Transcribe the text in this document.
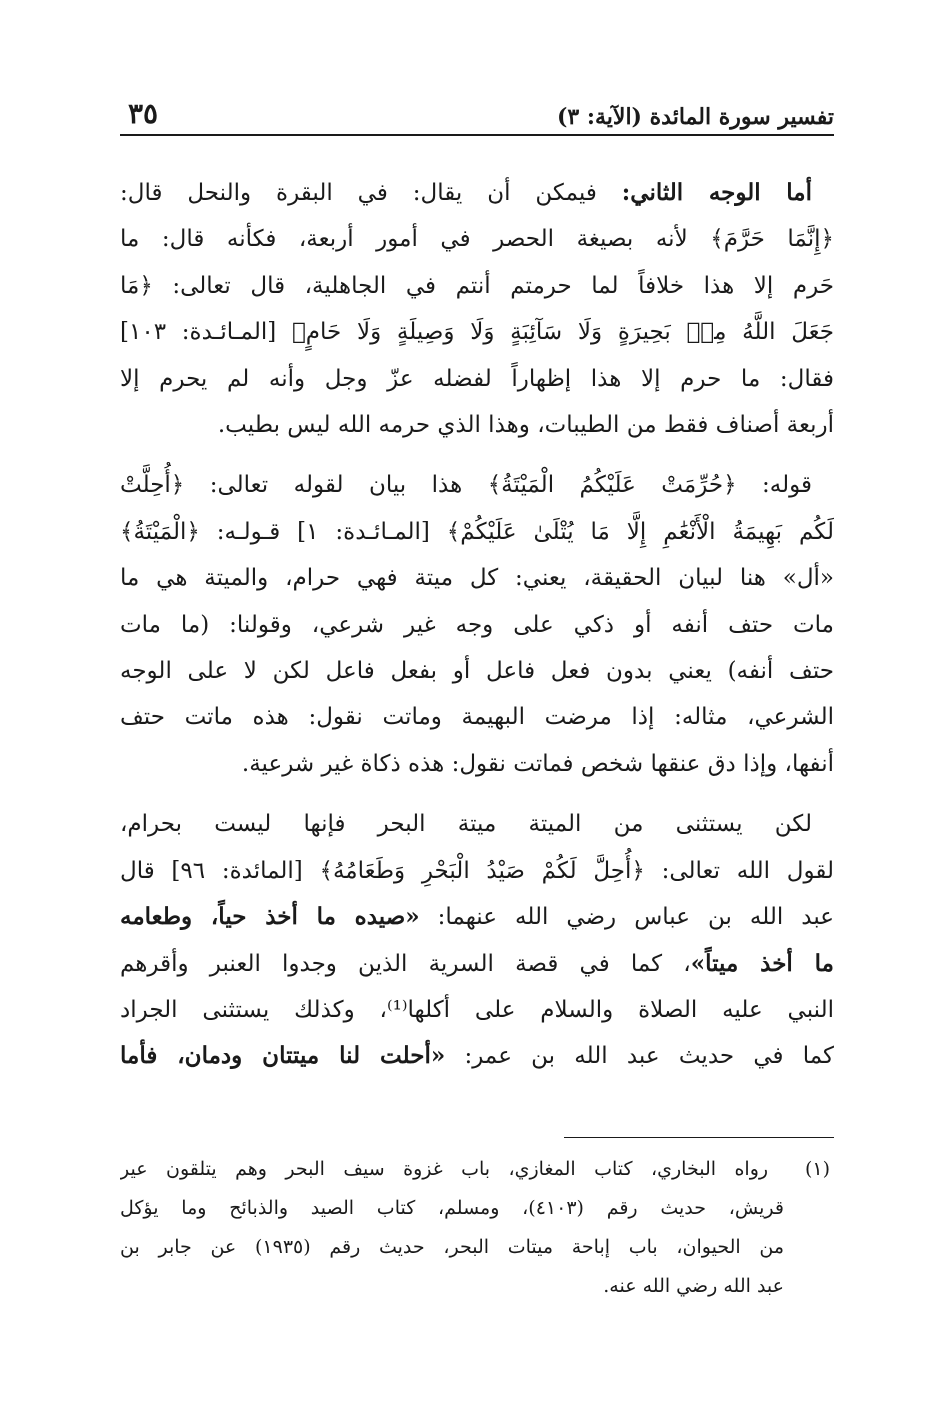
تفسير سورة المائدة (الآية: ٣)
٣٥
أما الوجه الثاني: فيمكن أن يقال: في البقرة والنحل قال:
﴿إِنَّمَا حَرَّمَ﴾ لأنه بصيغة الحصر في أمور أربعة، فكأنه قال: ما
حَرم إلا هذا خلافاً لما حرمتم أنتم في الجاهلية، قال تعالى: ﴿مَا
جَعَلَ اللَّهُ مِنۢ بَحِيرَةٍ وَلَا سَآئِبَةٍ وَلَا وَصِيلَةٍ وَلَا حَامٍ﴾ [المـائـدة: ١٠٣]
فقال: ما حرم إلا هذا إظهاراً لفضله عزّ وجل وأنه لم يحرم إلا
أربعة أصناف فقط من الطيبات، وهذا الذي حرمه الله ليس بطيب.
قوله: ﴿حُرِّمَتْ عَلَيْكُمُ الْمَيْتَةُ﴾ هذا بيان لقوله تعالى: ﴿أُحِلَّتْ
لَكُم بَهِيمَةُ الْأَنْعَٰمِ إِلَّا مَا يُتْلَىٰ عَلَيْكُمْ﴾ [المـائـدة: ١] قـولـه: ﴿الْمَيْتَةُ﴾
«أل» هنا لبيان الحقيقة، يعني: كل ميتة فهي حرام، والميتة هي ما
مات حتف أنفه أو ذكي على وجه غير شرعي، وقولنا: (ما مات
حتف أنفه) يعني بدون فعل فاعل أو بفعل فاعل لكن لا على الوجه
الشرعي، مثاله: إذا مرضت البهيمة وماتت نقول: هذه ماتت حتف
أنفها، وإذا دق عنقها شخص فماتت نقول: هذه ذكاة غير شرعية.
لكن يستثنى من الميتة ميتة البحر فإنها ليست بحرام،
لقول الله تعالى: ﴿أُحِلَّ لَكُمْ صَيْدُ الْبَحْرِ وَطَعَامُهُ﴾ [المائدة: ٩٦] قال
عبد الله بن عباس رضي الله عنهما: «صيده ما أخذ حياً، وطعامه
ما أخذ ميتاً»، كما في قصة السرية الذين وجدوا العنبر وأقرهم
النبي عليه الصلاة والسلام على أكلها⁽¹⁾، وكذلك يستثنى الجراد
كما في حديث عبد الله بن عمر: «أحلت لنا ميتتان ودمان، فأما
(١)  رواه البخاري، كتاب المغازي، باب غزوة سيف البحر وهم يتلقون عير
قريش، حديث رقم (٤١٠٣)، ومسلم، كتاب الصيد والذبائح وما يؤكل
من الحيوان، باب إباحة ميتات البحر، حديث رقم (١٩٣٥) عن جابر بن
عبد الله رضي الله عنه.
